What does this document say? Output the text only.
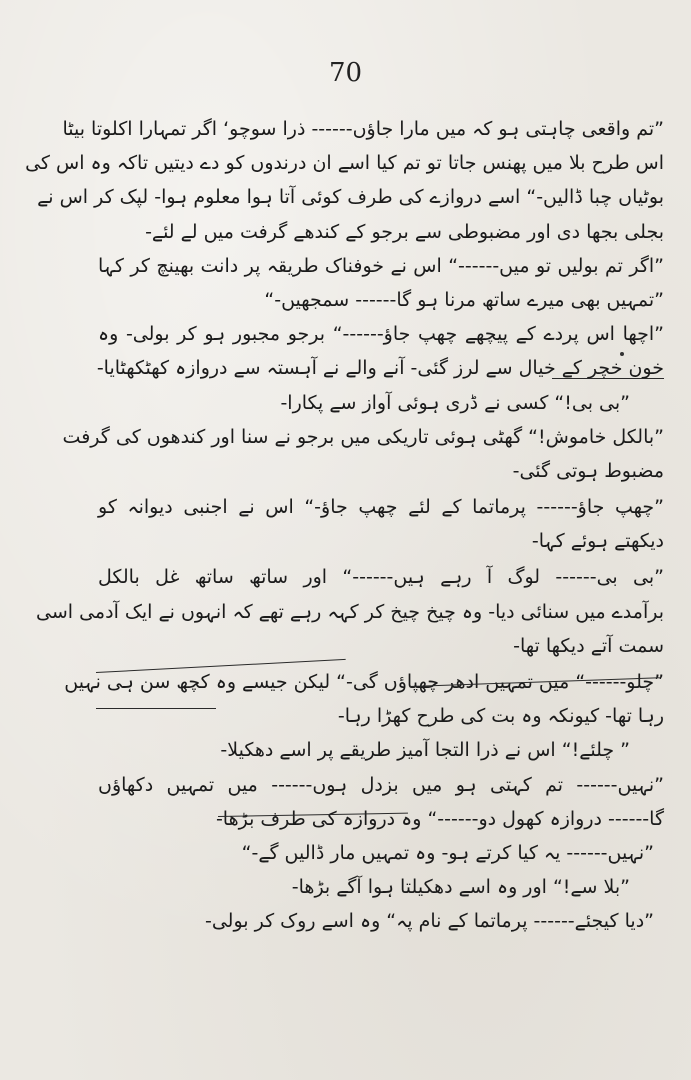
70
”تم واقعی چاہتی ہو کہ میں مارا جاؤں------ ذرا سوچو‘ اگر تمہارا اکلوتا بیٹا
اس طرح بلا میں پھنس جاتا تو تم کیا اسے ان درندوں کو دے دیتیں تاکہ وہ اس کی
بوٹیاں چبا ڈالیں-“ اسے دروازے کی طرف کوئی آتا ہوا معلوم ہوا- لپک کر اس نے
بجلی بجھا دی اور مضبوطی سے برجو کے کندھے گرفت میں لے لئے-
”اگر تم بولیں تو میں------“ اس نے خوفناک طریقہ پر دانت بھینچ کر کہا
”تمہیں بھی میرے ساتھ مرنا ہو گا------ سمجھیں-“
”اچھا اس پردے کے پیچھے چھپ جاؤ------“ برجو مجبور ہو کر بولی- وہ
خون خچر کے خیال سے لرز گئی- آنے والے نے آہستہ سے دروازہ کھٹکھٹایا-
”بی بی!“ کسی نے ڈری ہوئی آواز سے پکارا-
”بالکل خاموش!“ گھٹی ہوئی تاریکی میں برجو نے سنا اور کندھوں کی گرفت
مضبوط ہوتی گئی-
”چھپ جاؤ------ پرماتما کے لئے چھپ جاؤ-“ اس نے اجنبی دیوانہ کو
دیکھتے ہوئے کہا-
”بی بی------ لوگ آ رہے ہیں------“ اور ساتھ ساتھ غل بالکل
برآمدے میں سنائی دیا- وہ چیخ چیخ کر کہہ رہے تھے کہ انہوں نے ایک آدمی اسی
سمت آتے دیکھا تھا-
”چلو------“ میں تمہیں ادھر چھپاؤں گی-“ لیکن جیسے وہ کچھ سن ہی نہیں
رہا تھا- کیونکہ وہ بت کی طرح کھڑا رہا-
” چلئے!“ اس نے ذرا التجا آمیز طریقے پر اسے دھکیلا-
”نہیں------ تم کہتی ہو میں بزدل ہوں------ میں تمہیں دکھاؤں
گا------ دروازہ کھول دو------“ وہ دروازہ کی طرف بڑھا-
”نہیں------ یہ کیا کرتے ہو- وہ تمہیں مار ڈالیں گے-“
”بلا سے!“ اور وہ اسے دھکیلتا ہوا آگے بڑھا-
”دیا کیجئے------ پرماتما کے نام پہ“ وہ اسے روک کر بولی-
